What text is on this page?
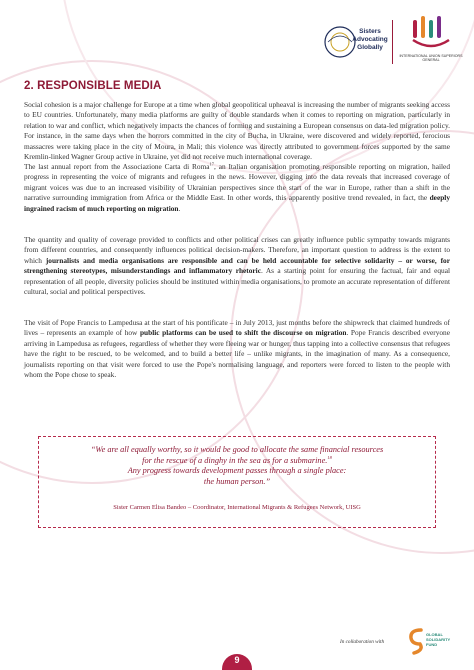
Sisters
Advocating
Globally
INTERNATIONAL UNION SUPERIORS GENERAL
2. RESPONSIBLE MEDIA
Social cohesion is a major challenge for Europe at a time when global geopolitical upheaval is increasing the number of migrants seeking access to EU countries. Unfortunately, many media platforms are guilty of double standards when it comes to reporting on migration, particularly in relation to war and conflict, which negatively impacts the chances of forming and sustaining a European consensus on data-led migration policy. For instance, in the same days when the horrors committed in the city of Bucha, in Ukraine, were discovered and widely reported, ferocious massacres were taking place in the city of Moura, in Mali; this violence was directly attributed to government forces supported by the same Kremlin-linked Wagner Group active in Ukraine, yet did not receive much international coverage.
The last annual report from the Associazione Carta di Roma$^{17}$, an Italian organisation promoting responsible reporting on migration, hailed progress in representing the voice of migrants and refugees in the news. However, digging into the data reveals that increased coverage of migrant voices was due to an increased visibility of Ukrainian perspectives since the start of the war in Europe, rather than a shift in the narrative surrounding immigration from Africa or the Middle East. In other words, this apparently positive trend revealed, in fact, the deeply ingrained racism of much reporting on migration.
The quantity and quality of coverage provided to conflicts and other political crises can greatly influence public sympathy towards migrants from different countries, and consequently influences political decision-makers. Therefore, an important question to address is the extent to which journalists and media organisations are responsible and can be held accountable for selective solidarity – or worse, for strengthening stereotypes, misunderstandings and inflammatory rhetoric. As a starting point for ensuring the factual, fair and equal representation of all people, diversity policies should be instituted within media organisations, to promote an accurate representation of different cultural, social and political perspectives.
The visit of Pope Francis to Lampedusa at the start of his pontificate – in July 2013, just months before the shipwreck that claimed hundreds of lives – represents an example of how public platforms can be used to shift the discourse on migration. Pope Francis described everyone arriving in Lampedusa as refugees, regardless of whether they were fleeing war or hunger, thus tapping into a collective consensus that refugees have the right to be rescued, to be welcomed, and to build a better life – unlike migrants, in the imagination of many. As a consequence, journalists reporting on that visit were forced to use the Pope's normalising language, and reporters were forced to listen to the people with whom the Pope chose to speak.
“We are all equally worthy, so it would be good to allocate the same financial resources
for the rescue of a dinghy in the sea as for a submarine.$^{18}$
Any progress towards development passes through a single place:
the human person.”
Sister Carmen Elisa Bandeo – Coordinator, International Migrants & Refugees Network, UISG
In collaboration with
GLOBAL
SOLIDARITY
FUND
9
